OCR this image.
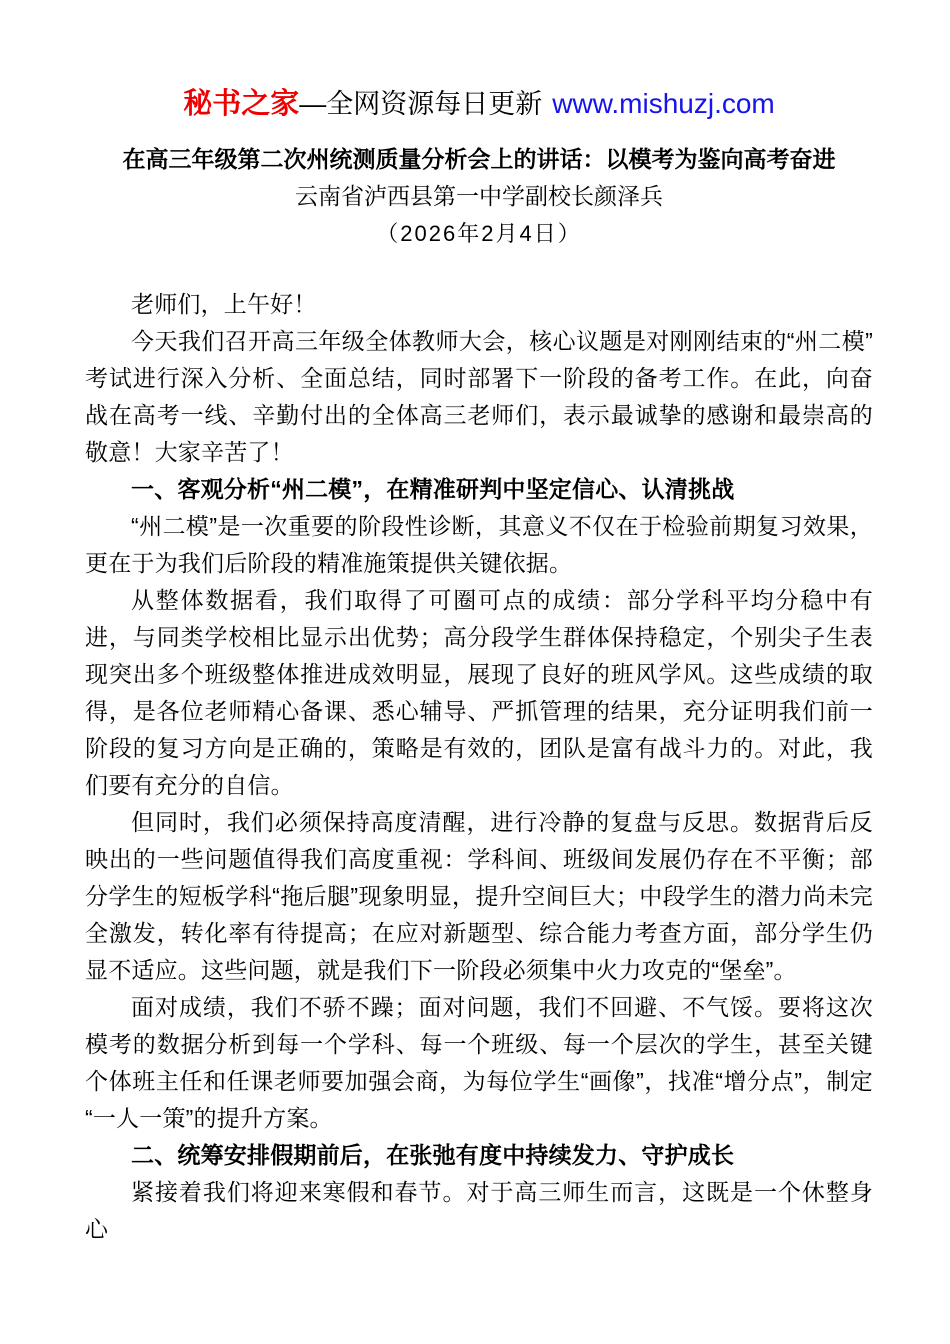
秘书之家—全网资源每日更新 www.mishuzj.com
在高三年级第二次州统测质量分析会上的讲话：以模考为鉴向高考奋进
云南省泸西县第一中学副校长颜泽兵
（2026年2月4日）

老师们，上午好！

今天我们召开高三年级全体教师大会，核心议题是对刚刚结束的“州二模”考试进行深入分析、全面总结，同时部署下一阶段的备考工作。在此，向奋战在高考一线、辛勤付出的全体高三老师们，表示最诚挚的感谢和最崇高的敬意！大家辛苦了！

一、客观分析“州二模”，在精准研判中坚定信心、认清挑战

“州二模”是一次重要的阶段性诊断，其意义不仅在于检验前期复习效果，更在于为我们后阶段的精准施策提供关键依据。

从整体数据看，我们取得了可圈可点的成绩：部分学科平均分稳中有进，与同类学校相比显示出优势；高分段学生群体保持稳定，个别尖子生表现突出多个班级整体推进成效明显，展现了良好的班风学风。这些成绩的取得，是各位老师精心备课、悉心辅导、严抓管理的结果，充分证明我们前一阶段的复习方向是正确的，策略是有效的，团队是富有战斗力的。对此，我们要有充分的自信。

但同时，我们必须保持高度清醒，进行冷静的复盘与反思。数据背后反映出的一些问题值得我们高度重视：学科间、班级间发展仍存在不平衡；部分学生的短板学科“拖后腿”现象明显，提升空间巨大；中段学生的潜力尚未完全激发，转化率有待提高；在应对新题型、综合能力考查方面，部分学生仍显不适应。这些问题，就是我们下一阶段必须集中火力攻克的“堡垒”。

面对成绩，我们不骄不躁；面对问题，我们不回避、不气馁。要将这次模考的数据分析到每一个学科、每一个班级、每一个层次的学生，甚至关键个体班主任和任课老师要加强会商，为每位学生“画像”，找准“增分点”，制定“一人一策”的提升方案。

二、统筹安排假期前后，在张弛有度中持续发力、守护成长

紧接着我们将迎来寒假和春节。对于高三师生而言，这既是一个休整身心
